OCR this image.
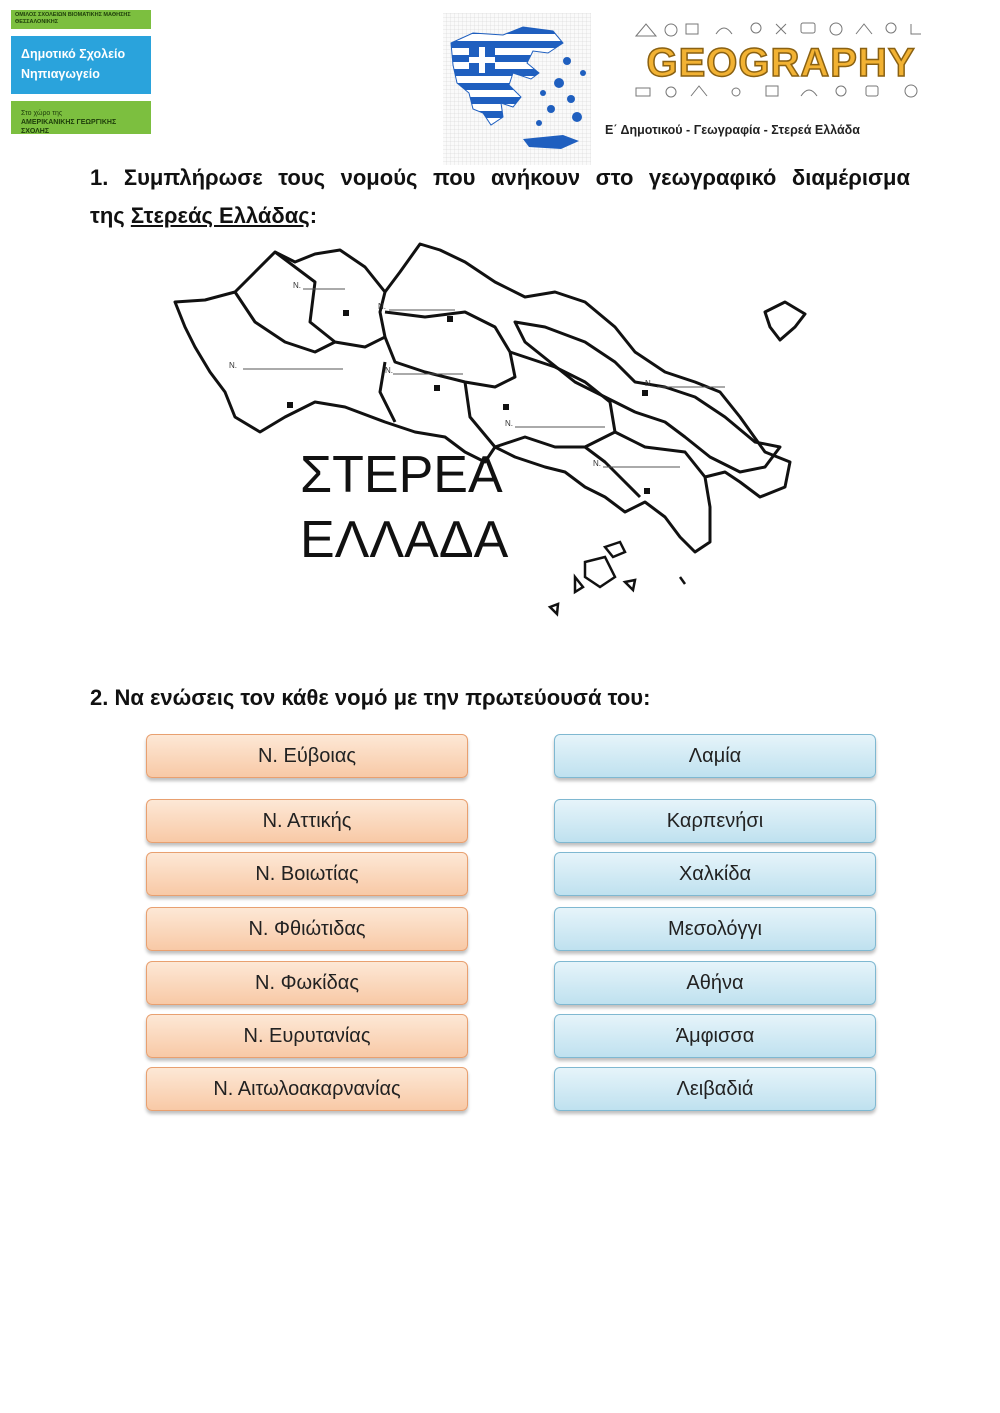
ΟΜΙΛΟΣ ΣΧΟΛΕΙΩΝ ΒΙΟΜΑΤΙΚΗΣ ΜΑΘΗΣΗΣ ΘΕΣΣΑΛΟΝΙΚΗΣ
Δημοτικό Σχολείο
Νηπιαγωγείο
Στο χώρο της
ΑΜΕΡΙΚΑΝΙΚΗΣ ΓΕΩΡΓΙΚΗΣ ΣΧΟΛΗΣ
GEOGRAPHY
Ε΄ Δημοτικού - Γεωγραφία - Στερεά Ελλάδα
1. Συμπλήρωσε τους νομούς που ανήκουν στο γεωγραφικό διαμέρισμα
της Στερεάς Ελλάδας:
Ν.
Ν.
Ν.
Ν.
Ν.
Ν.
Ν.
ΣΤΕΡΕΑ
ΕΛΛΑΔΑ
2. Να ενώσεις τον κάθε νομό με την πρωτεύουσά του:
Ν. Εύβοιας
Ν. Αττικής
Ν. Βοιωτίας
Ν. Φθιώτιδας
Ν. Φωκίδας
Ν. Ευρυτανίας
Ν. Αιτωλοακαρνανίας
Λαμία
Καρπενήσι
Χαλκίδα
Μεσολόγγι
Αθήνα
Άμφισσα
Λειβαδιά
